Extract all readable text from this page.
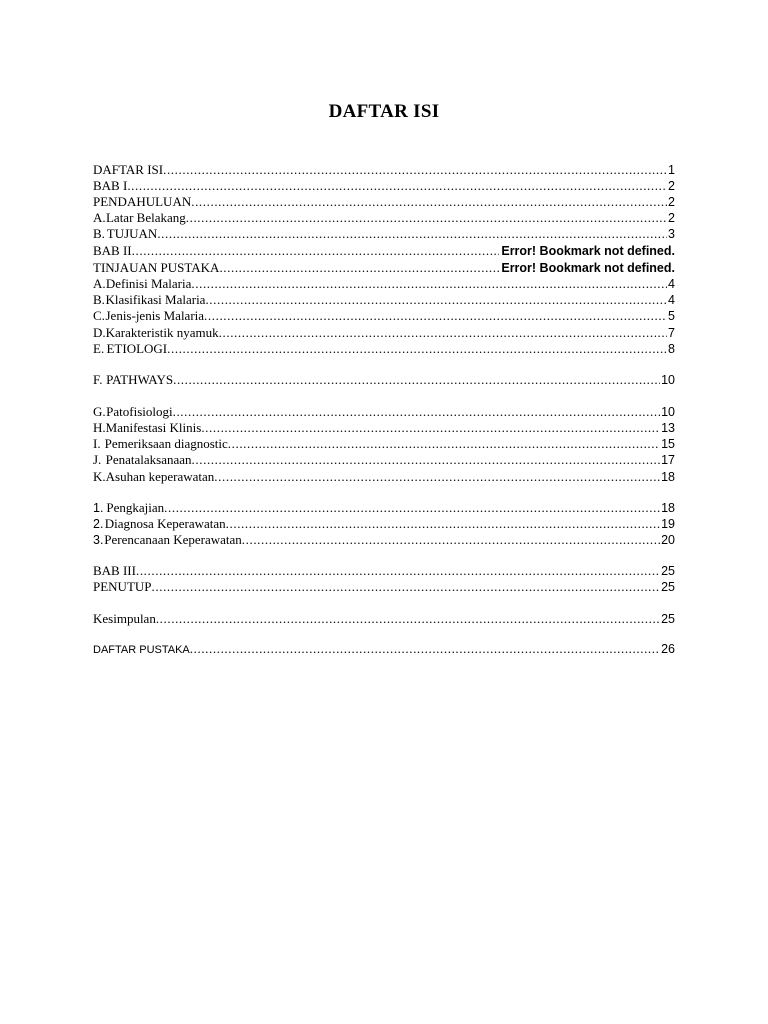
DAFTAR ISI
DAFTAR ISI .....	1
BAB I .....	2
PENDAHULUAN .....	2
A. Latar Belakang .....	2
B. TUJUAN .....	3
BAB II .....	Error! Bookmark not defined.
TINJAUAN PUSTAKA .....	Error! Bookmark not defined.
A. Definisi Malaria .....	4
B. Klasifikasi Malaria .....	4
C. Jenis-jenis Malaria .....	5
D. Karakteristik nyamuk .....	7
E. ETIOLOGI .....	8
F. PATHWAYS .....	10
G. Patofisiologi .....	10
H. Manifestasi Klinis .....	13
I. Pemeriksaan diagnostic .....	15
J. Penatalaksanaan .....	17
K. Asuhan keperawatan .....	18
1. Pengkajian .....	18
2. Diagnosa Keperawatan .....	19
3. Perencanaan Keperawatan .....	20
BAB III .....	25
PENUTUP .....	25
Kesimpulan .....	25
DAFTAR PUSTAKA .....	26
